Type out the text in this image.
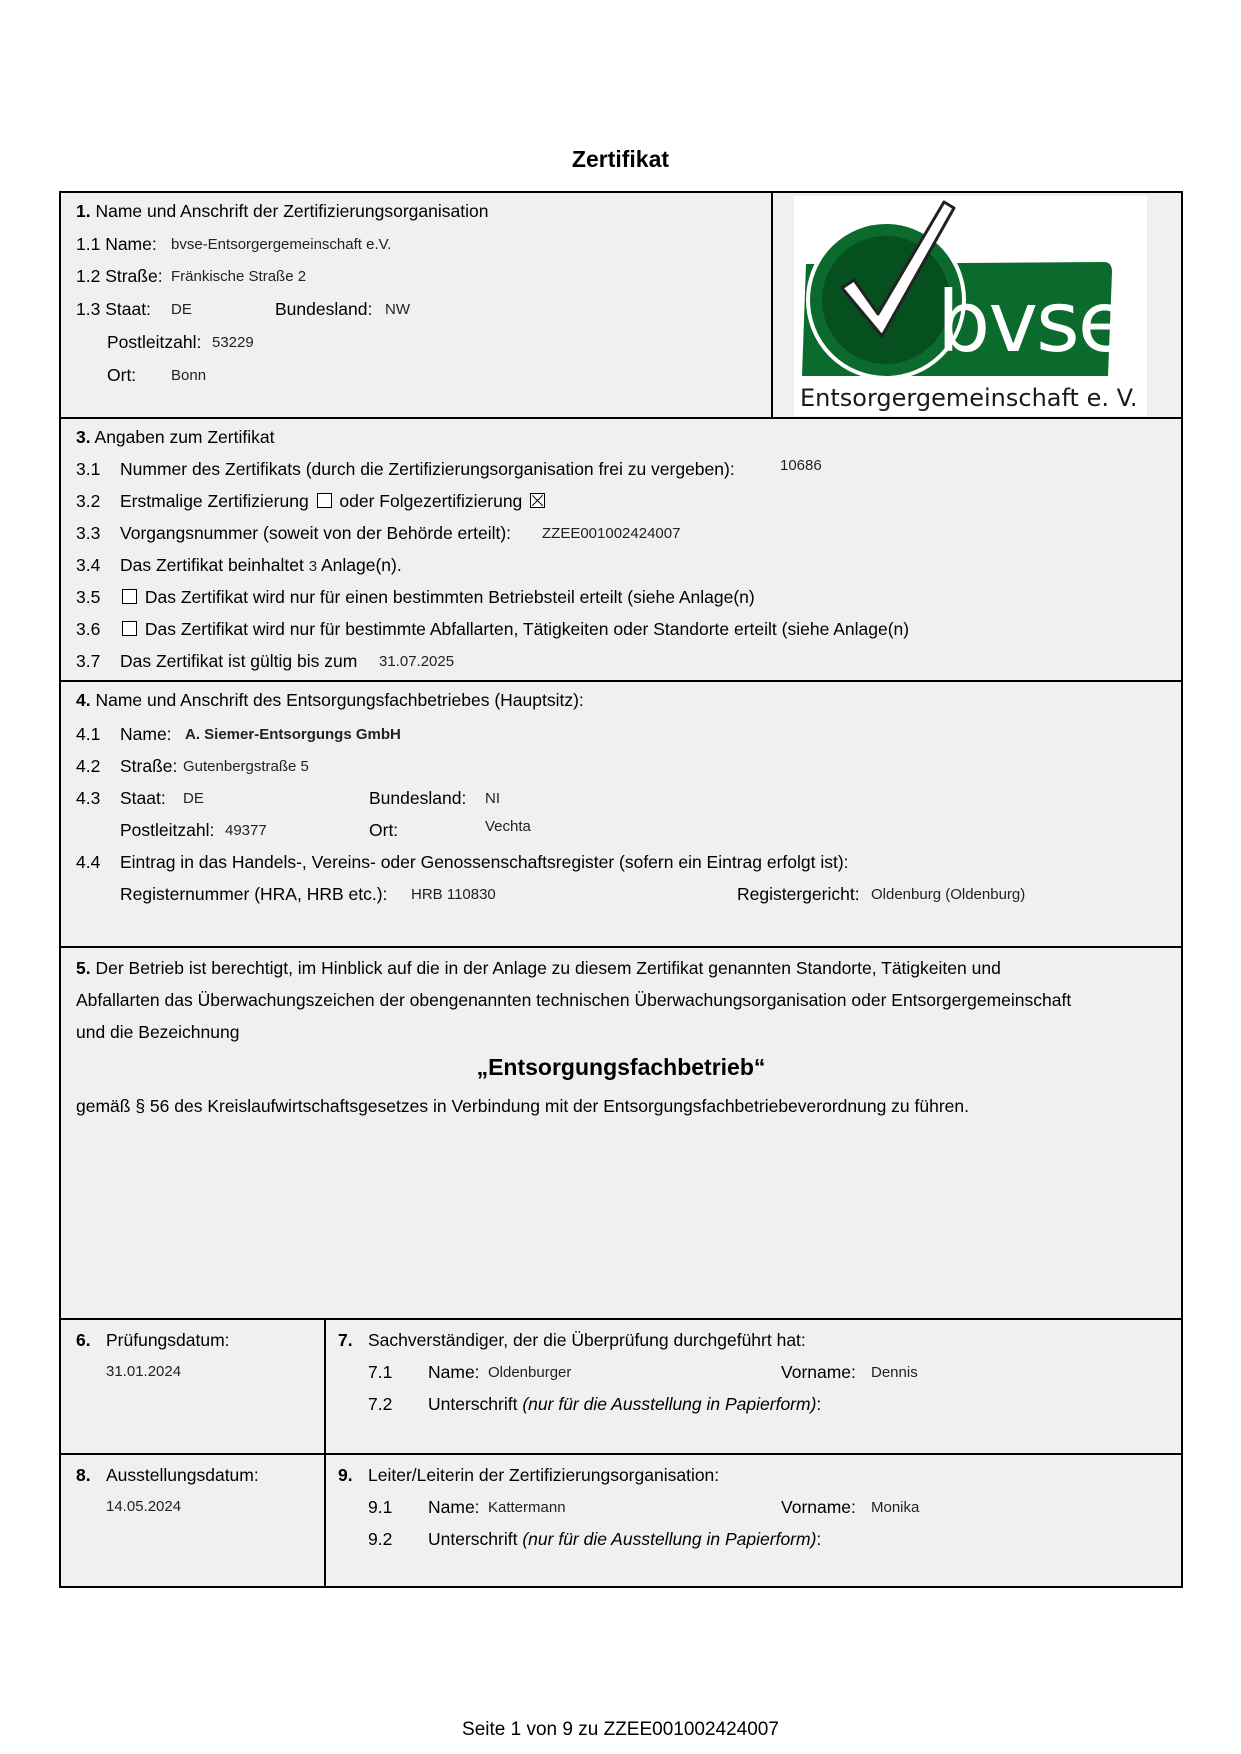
Zertifikat
1. Name und Anschrift der Zertifizierungsorganisation
1.1 Name: bvse-Entsorgergemeinschaft e.V.
1.2 Straße: Fränkische Straße 2
1.3 Staat: DE	Bundesland: NW
Postleitzahl: 53229
Ort: Bonn
bvse
Entsorgergemeinschaft e. V.
3. Angaben zum Zertifikat
3.1 Nummer des Zertifikats (durch die Zertifizierungsorganisation frei zu vergeben):	10686
3.2 Erstmalige Zertifizierung oder Folgezertifizierung
3.3 Vorgangsnummer (soweit von der Behörde erteilt): ZZEE001002424007
3.4 Das Zertifikat beinhaltet 3 Anlage(n).
3.5	Das Zertifikat wird nur für einen bestimmten Betriebsteil erteilt (siehe Anlage(n)
3.6	Das Zertifikat wird nur für bestimmte Abfallarten, Tätigkeiten oder Standorte erteilt (siehe Anlage(n)
3.7 Das Zertifikat ist gültig bis zum 31.07.2025
4. Name und Anschrift des Entsorgungsfachbetriebes (Hauptsitz):
4.1 Name: A. Siemer-Entsorgungs GmbH
4.2 Straße: Gutenbergstraße 5
4.3 Staat: DE	Bundesland: NI
Postleitzahl: 49377	Ort:	Vechta
4.4 Eintrag in das Handels-, Vereins- oder Genossenschaftsregister (sofern ein Eintrag erfolgt ist):
Registernummer (HRA, HRB etc.): HRB 110830	Registergericht: Oldenburg (Oldenburg)
5. Der Betrieb ist berechtigt, im Hinblick auf die in der Anlage zu diesem Zertifikat genannten Standorte, Tätigkeiten und
Abfallarten das Überwachungszeichen der obengenannten technischen Überwachungsorganisation oder Entsorgergemeinschaft
und die Bezeichnung
„Entsorgungsfachbetrieb“
gemäß § 56 des Kreislaufwirtschaftsgesetzes in Verbindung mit der Entsorgungsfachbetriebeverordnung zu führen.
6. Prüfungsdatum:
31.01.2024
7. Sachverständiger, der die Überprüfung durchgeführt hat:
7.1 Name: Oldenburger	Vorname: Dennis
7.2 Unterschrift (nur für die Ausstellung in Papierform):
8. Ausstellungsdatum:
14.05.2024
9. Leiter/Leiterin der Zertifizierungsorganisation:
9.1 Name: Kattermann	Vorname: Monika
9.2 Unterschrift (nur für die Ausstellung in Papierform):
Seite 1 von 9 zu ZZEE001002424007
